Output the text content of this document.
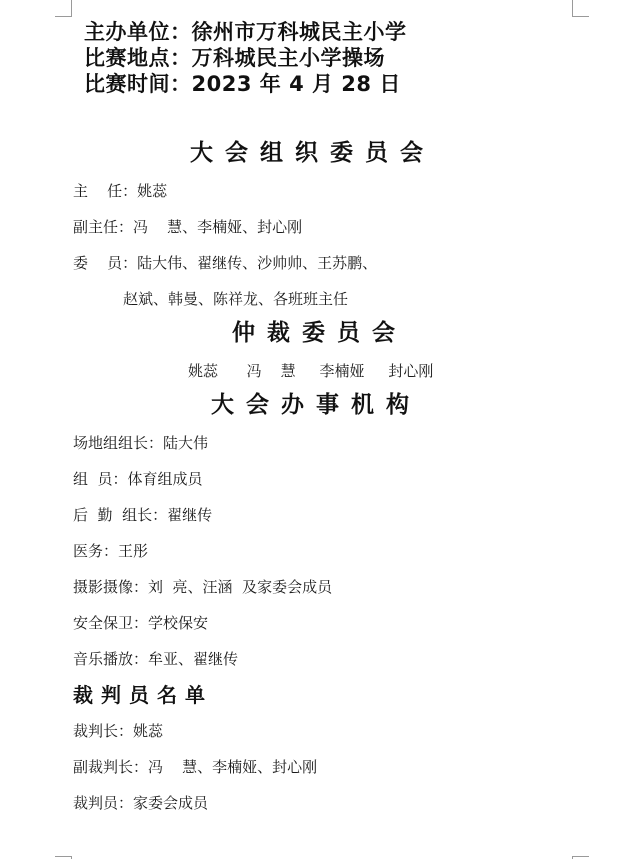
主办单位：徐州市万科城民主小学
比赛地点：万科城民主小学操场
比赛时间：2023 年 4 月 28 日
大会组织委员会
主    任：姚蕊
副主任：冯    慧、李楠娅、封心刚
委    员：陆大伟、翟继传、沙帅帅、王苏鹏、
赵斌、韩曼、陈祥龙、各班班主任
仲裁委员会
姚蕊      冯    慧     李楠娅     封心刚
大会办事机构
场地组组长：陆大伟
组  员：体育组成员
后  勤  组长：翟继传
医务：王彤
摄影摄像：刘  亮、汪涵  及家委会成员
安全保卫：学校保安
音乐播放：牟亚、翟继传
裁判员名单
裁判长：姚蕊
副裁判长：冯    慧、李楠娅、封心刚
裁判员：家委会成员
